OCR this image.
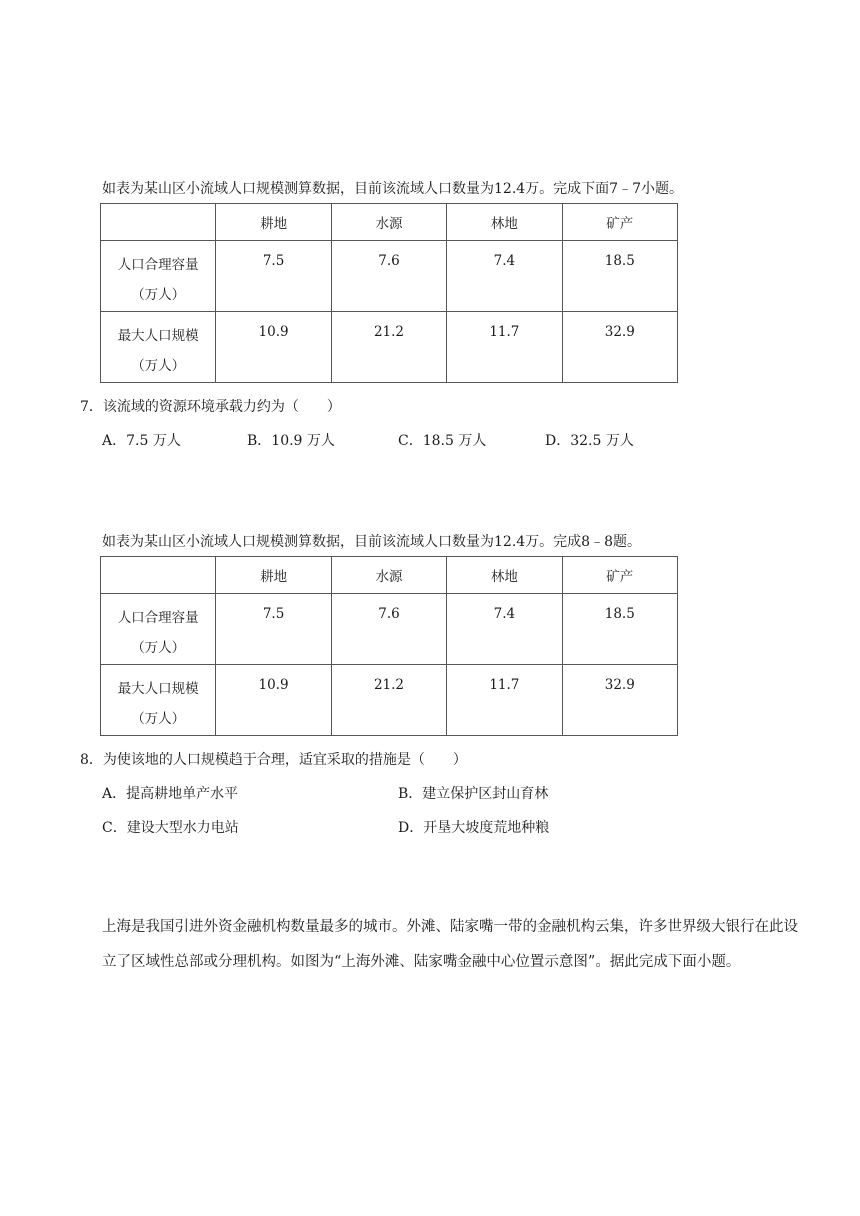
如表为某山区小流域人口规模测算数据，目前该流域人口数量为12.4万。完成下面7﹣7小题。
	耕地	水源	林地	矿产

人口合理容量
（万人）	7.5	7.6	7.4	18.5

最大人口规模
（万人）	10.9	21.2	11.7	32.9
7．该流域的资源环境承载力约为（　　）
A．7.5 万人	B．10.9 万人	C．18.5 万人	D．32.5 万人
如表为某山区小流域人口规模测算数据，目前该流域人口数量为12.4万。完成8﹣8题。
	耕地	水源	林地	矿产

人口合理容量
（万人）	7.5	7.6	7.4	18.5

最大人口规模
（万人）	10.9	21.2	11.7	32.9
8．为使该地的人口规模趋于合理，适宜采取的措施是（　　）
A．提高耕地单产水平	B．建立保护区封山育林
C．建设大型水力电站	D．开垦大坡度荒地种粮
上海是我国引进外资金融机构数量最多的城市。外滩、陆家嘴一带的金融机构云集，许多世界级大银行在此设立了区域性总部或分理机构。如图为“上海外滩、陆家嘴金融中心位置示意图”。据此完成下面小题。
